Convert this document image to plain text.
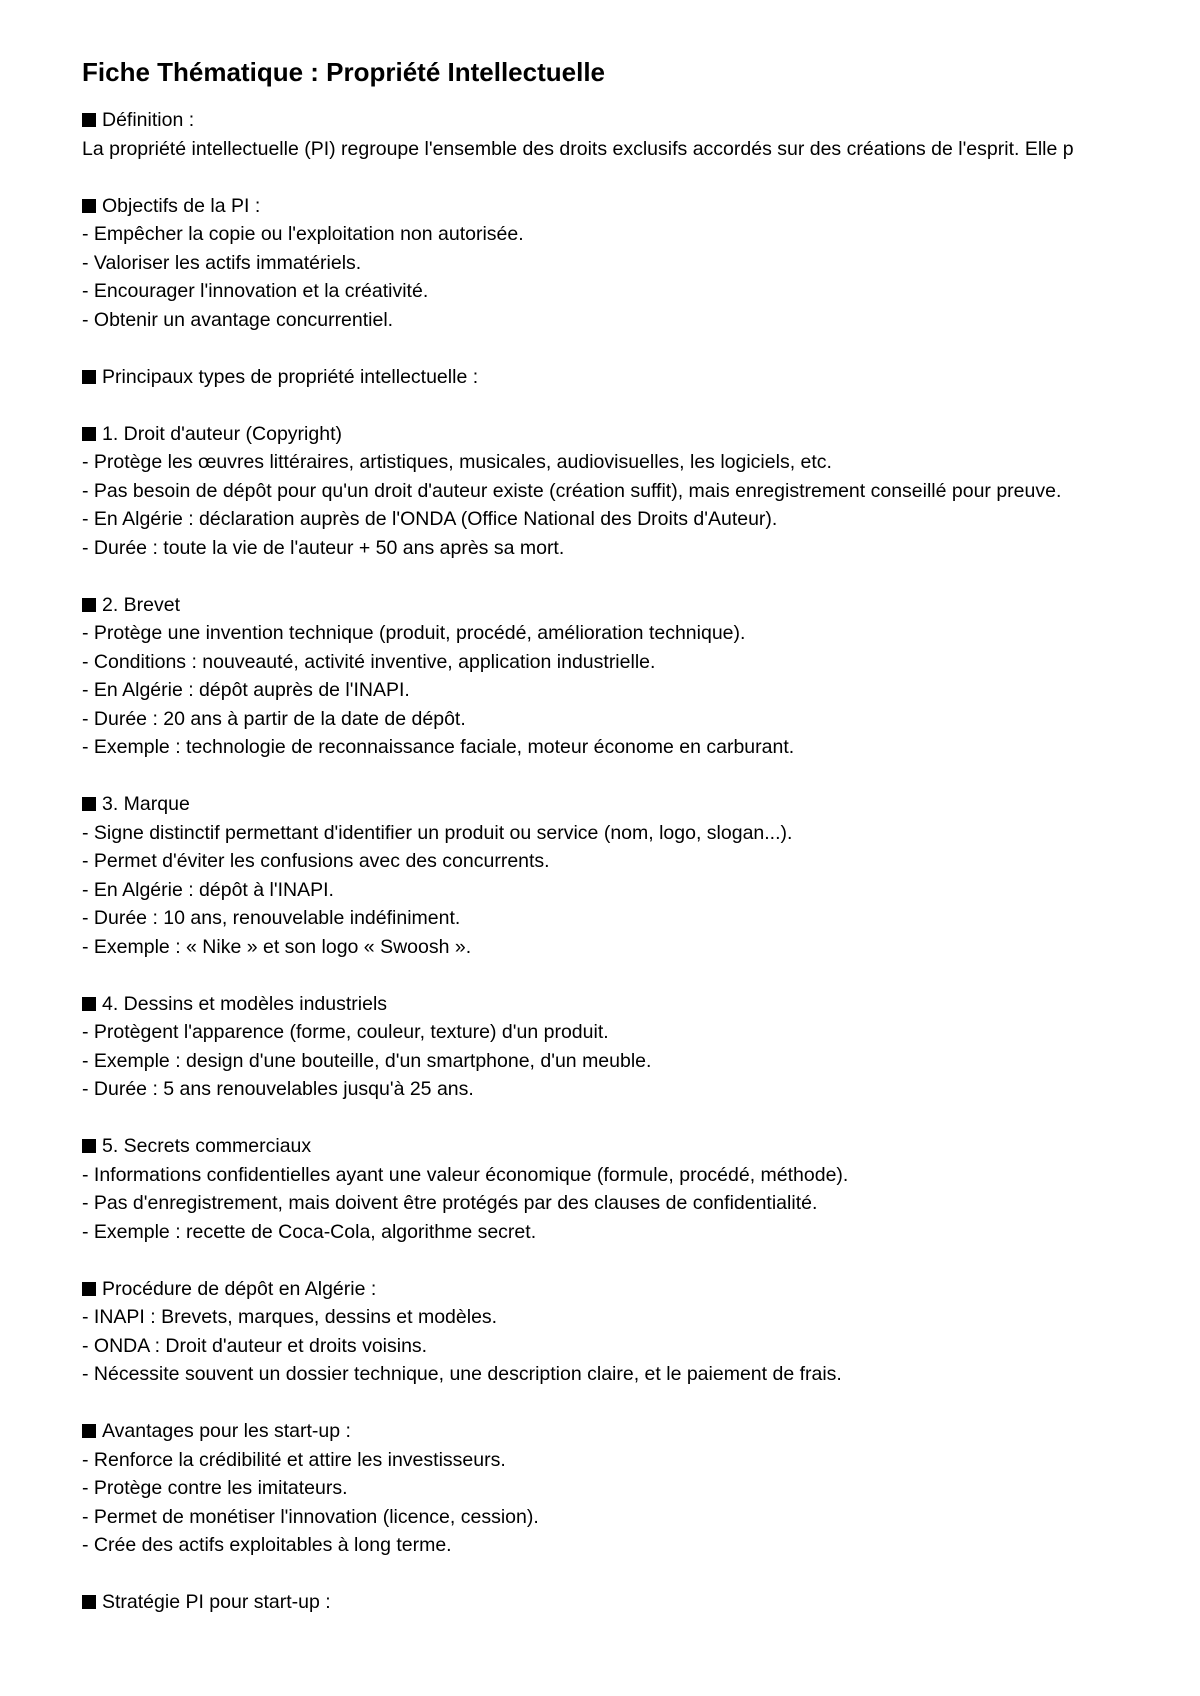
Fiche Thématique : Propriété Intellectuelle
Définition :
La propriété intellectuelle (PI) regroupe l'ensemble des droits exclusifs accordés sur des créations de l'esprit. Elle p
Objectifs de la PI :
- Empêcher la copie ou l'exploitation non autorisée.
- Valoriser les actifs immatériels.
- Encourager l'innovation et la créativité.
- Obtenir un avantage concurrentiel.
Principaux types de propriété intellectuelle :
1. Droit d'auteur (Copyright)
- Protège les œuvres littéraires, artistiques, musicales, audiovisuelles, les logiciels, etc.
- Pas besoin de dépôt pour qu'un droit d'auteur existe (création suffit), mais enregistrement conseillé pour preuve.
- En Algérie : déclaration auprès de l'ONDA (Office National des Droits d'Auteur).
- Durée : toute la vie de l'auteur + 50 ans après sa mort.
2. Brevet
- Protège une invention technique (produit, procédé, amélioration technique).
- Conditions : nouveauté, activité inventive, application industrielle.
- En Algérie : dépôt auprès de l'INAPI.
- Durée : 20 ans à partir de la date de dépôt.
- Exemple : technologie de reconnaissance faciale, moteur économe en carburant.
3. Marque
- Signe distinctif permettant d'identifier un produit ou service (nom, logo, slogan...).
- Permet d'éviter les confusions avec des concurrents.
- En Algérie : dépôt à l'INAPI.
- Durée : 10 ans, renouvelable indéfiniment.
- Exemple : « Nike » et son logo « Swoosh ».
4. Dessins et modèles industriels
- Protègent l'apparence (forme, couleur, texture) d'un produit.
- Exemple : design d'une bouteille, d'un smartphone, d'un meuble.
- Durée : 5 ans renouvelables jusqu'à 25 ans.
5. Secrets commerciaux
- Informations confidentielles ayant une valeur économique (formule, procédé, méthode).
- Pas d'enregistrement, mais doivent être protégés par des clauses de confidentialité.
- Exemple : recette de Coca-Cola, algorithme secret.
Procédure de dépôt en Algérie :
- INAPI : Brevets, marques, dessins et modèles.
- ONDA : Droit d'auteur et droits voisins.
- Nécessite souvent un dossier technique, une description claire, et le paiement de frais.
Avantages pour les start-up :
- Renforce la crédibilité et attire les investisseurs.
- Protège contre les imitateurs.
- Permet de monétiser l'innovation (licence, cession).
- Crée des actifs exploitables à long terme.
Stratégie PI pour start-up :
